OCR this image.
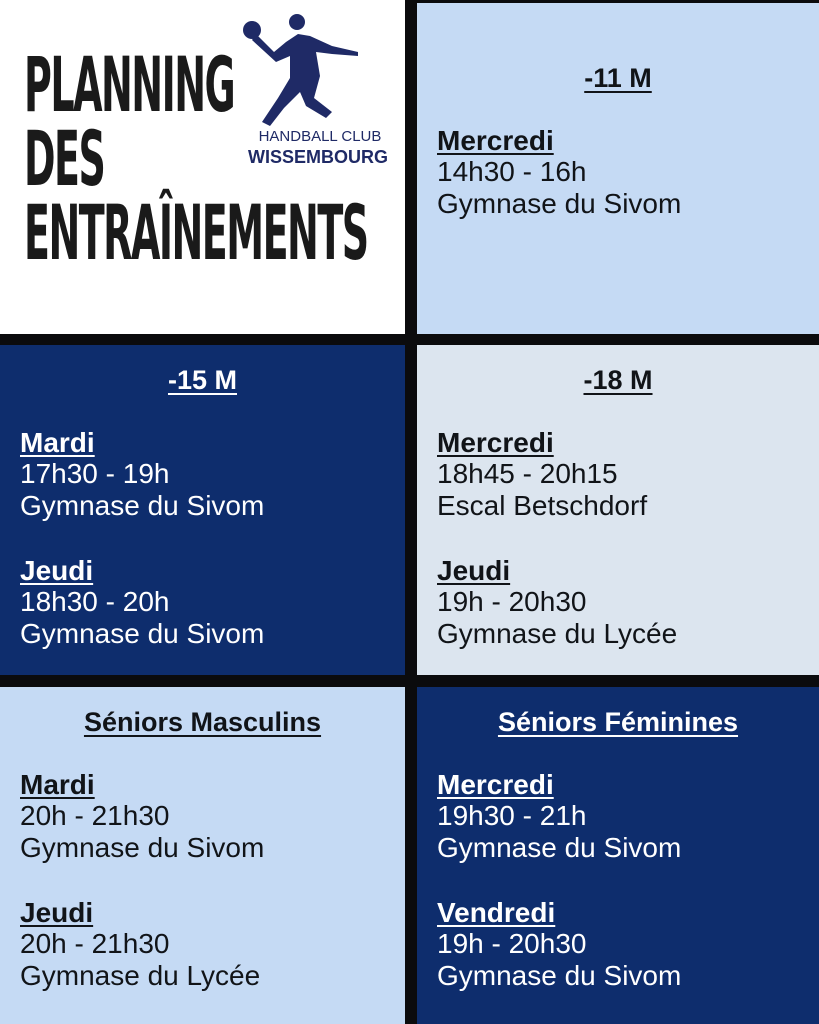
PLANNING
DES
ENTRAÎNEMENTS
HANDBALL CLUB
WISSEMBOURG
-11 M
Mercredi
14h30 - 16h
Gymnase du Sivom
-15 M
Mardi
17h30 - 19h
Gymnase du Sivom
Jeudi
18h30 - 20h
Gymnase du Sivom
-18 M
Mercredi
18h45 - 20h15
Escal Betschdorf
Jeudi
19h - 20h30
Gymnase du Lycée
Séniors Masculins
Mardi
20h - 21h30
Gymnase du Sivom
Jeudi
20h - 21h30
Gymnase du Lycée
Séniors Féminines
Mercredi
19h30 - 21h
Gymnase du Sivom
Vendredi
19h - 20h30
Gymnase du Sivom
